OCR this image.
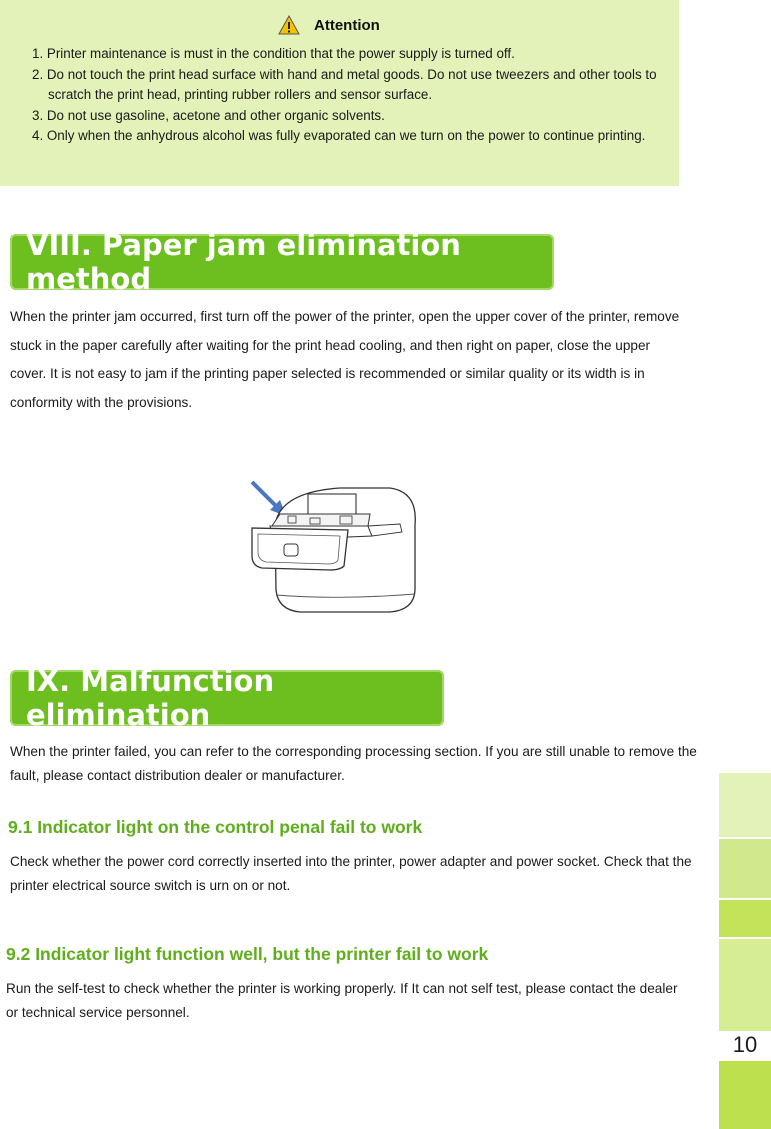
Attention
1. Printer maintenance is must in the condition that the power supply is turned off.
2. Do not touch the print head surface with hand and metal goods. Do not use tweezers and other tools to scratch the print head, printing rubber rollers and sensor surface.
3. Do not use gasoline, acetone and other organic solvents.
4. Only when the anhydrous alcohol was fully evaporated can we turn on the power to continue printing.
VIII. Paper jam elimination method

When the printer jam occurred, first turn off the power of the printer, open the upper cover of the printer, remove stuck in the paper carefully after waiting for the print head cooling, and then right on paper, close the upper cover. It is not easy to jam if the printing paper selected is recommended or similar quality or its width is in conformity with the provisions.

IX. Malfunction elimination

When the printer failed, you can refer to the corresponding processing section. If you are still unable to remove the fault, please contact distribution dealer or manufacturer.

9.1 Indicator light on the control penal fail to work

Check whether the power cord correctly inserted into the printer, power adapter and power socket. Check that the printer electrical source switch is urn on or not.

9.2 Indicator light function well, but the printer fail to work

Run the self-test to check whether the printer is working properly. If It can not self test, please contact the dealer or technical service personnel.

10
